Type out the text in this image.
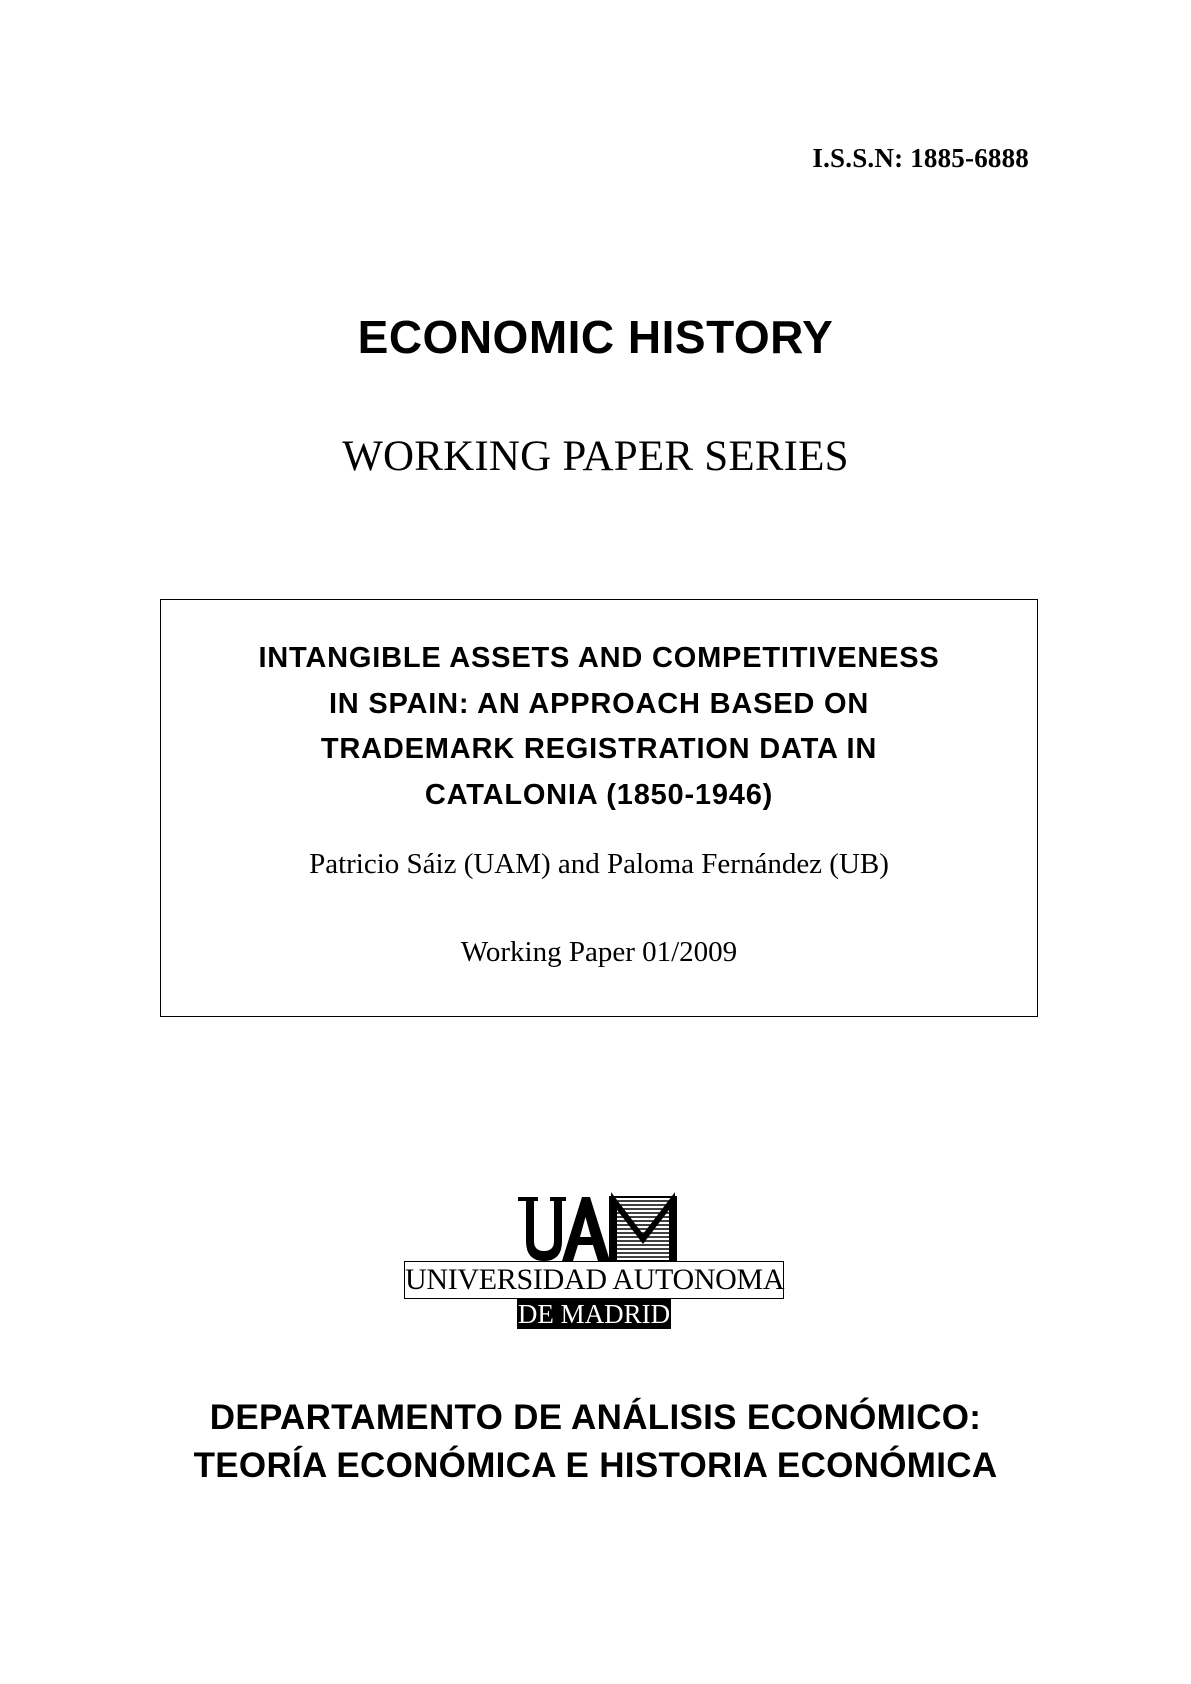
I.S.S.N: 1885-6888
ECONOMIC HISTORY
WORKING PAPER SERIES
INTANGIBLE ASSETS AND COMPETITIVENESS
IN SPAIN: AN APPROACH BASED ON
TRADEMARK REGISTRATION DATA IN
CATALONIA (1850-1946)
Patricio Sáiz (UAM) and Paloma Fernández (UB)
Working Paper 01/2009
UNIVERSIDAD AUTONOMA
DE MADRID
DEPARTAMENTO DE ANÁLISIS ECONÓMICO:
TEORÍA ECONÓMICA E HISTORIA ECONÓMICA
